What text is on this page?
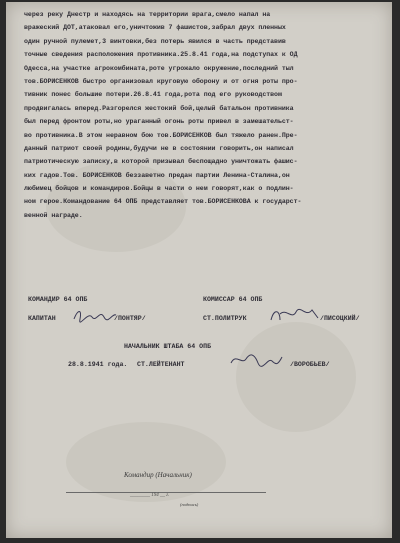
через реку Днестр и находясь на территории врага,смело напал на
вражеский ДОТ,атаковал его,уничтожив 7 фашистов,забрал двух пленных
один ручной пулемет,3 винтовки,без потерь явился в часть представив
точные сведения расположения противника.25.8.41 года,на подступах к ОД
Одесса,на участке агрокомбината,роте угрожало окружение,последний тыл
тов.БОРИСЕНКОВ быстро организовал круговую оборону и от огня роты про-
тивник понес большие потери.26.8.41 года,рота под его руководством
продвигалась вперед.Разгорелся жестокий бой,целый батальон противника
был перед фронтом роты,но ураганный огонь роты привел в замешательст-
во противника.В этом неравном бою тов.БОРИСЕНКОВ был тяжело ранен.Пре-
данный патриот своей родины,будучи не в состоянии говорить,он написал
патриотическую записку,в которой призывал беспощадно уничтожать фашис-
ких гадов.Тов. БОРИСЕНКОВ беззаветно предан партии Ленина-Сталина,он
любимец бойцов и командиров.Бойцы в части о нем говорят,как о подлин-
ном герое.Командование 64 ОПБ представляет тов.БОРИСЕНКОВА к государст-
венной награде.
КОМАНДИР 64 ОПБ
КАПИТАН	/ПОНТЯР/
КОМИССАР 64 ОПБ
СТ.ПОЛИТРУК	/ПИСОЦКИЙ/
НАЧАЛЬНИК ШТАБА 64 ОПБ
28.8.1941 года. СТ.ЛЕЙТЕНАНТ	/ВОРОБЬЕВ/
Командир (Начальник)
________ 194 __ г.
(подпись)
